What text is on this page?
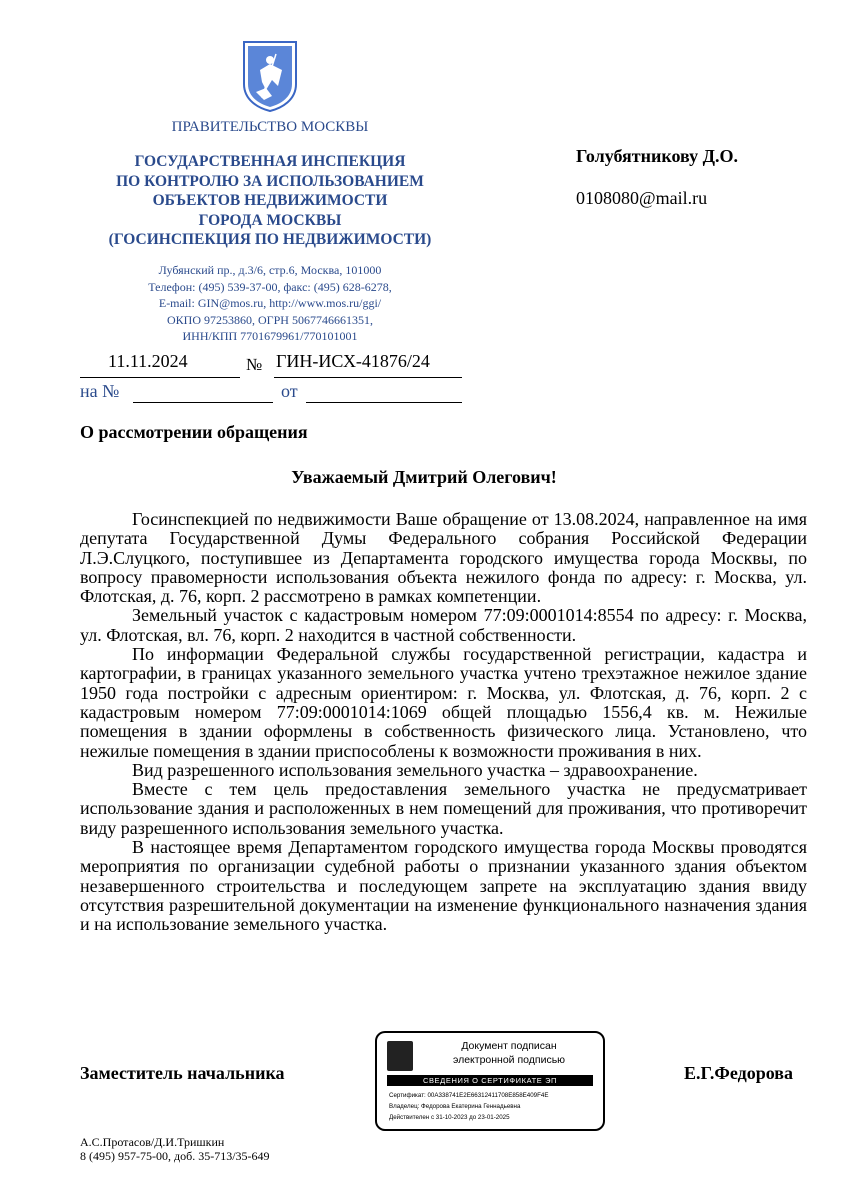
ПРАВИТЕЛЬСТВО МОСКВЫ
ГОСУДАРСТВЕННАЯ ИНСПЕКЦИЯ
ПО КОНТРОЛЮ ЗА ИСПОЛЬЗОВАНИЕМ
ОБЪЕКТОВ НЕДВИЖИМОСТИ
ГОРОДА МОСКВЫ
(ГОСИНСПЕКЦИЯ ПО НЕДВИЖИМОСТИ)
Лубянский пр., д.3/6, стр.6, Москва, 101000
Телефон: (495) 539-37-00, факс: (495) 628-6278,
E-mail: GIN@mos.ru, http://www.mos.ru/ggi/
ОКПО 97253860, ОГРН 5067746661351,
ИНН/КПП 7701679961/770101001
11.11.2024	№ ГИН-ИСХ-41876/24
на №	от
Голубятникову Д.О.
0108080@mail.ru
О рассмотрении обращения
Уважаемый Дмитрий Олегович!

Госинспекцией по недвижимости Ваше обращение от 13.08.2024, направленное на имя депутата Государственной Думы Федерального собрания Российской Федерации Л.Э.Слуцкого, поступившее из Департамента городского имущества города Москвы, по вопросу правомерности использования объекта нежилого фонда по адресу: г. Москва, ул. Флотская, д. 76, корп. 2 рассмотрено в рамках компетенции.

Земельный участок с кадастровым номером 77:09:0001014:8554 по адресу: г. Москва, ул. Флотская, вл. 76, корп. 2 находится в частной собственности.

По информации Федеральной службы государственной регистрации, кадастра и картографии, в границах указанного земельного участка учтено трехэтажное нежилое здание 1950 года постройки с адресным ориентиром: г. Москва, ул. Флотская, д. 76, корп. 2 с кадастровым номером 77:09:0001014:1069 общей площадью 1556,4 кв. м. Нежилые помещения в здании оформлены в собственность физического лица. Установлено, что нежилые помещения в здании приспособлены к возможности проживания в них.

Вид разрешенного использования земельного участка – здравоохранение.

Вместе с тем цель предоставления земельного участка не предусматривает использование здания и расположенных в нем помещений для проживания, что противоречит виду разрешенного использования земельного участка.

В настоящее время Департаментом городского имущества города Москвы проводятся мероприятия по организации судебной работы о признании указанного здания объектом незавершенного строительства и последующем запрете на эксплуатацию здания ввиду отсутствия разрешительной документации на изменение функционального назначения здания и на использование земельного участка.

Заместитель начальника	Е.Г.Федорова
Документ подписан
электронной подписью
СВЕДЕНИЯ О СЕРТИФИКАТЕ ЭП
Сертификат: 00A338741E2E66312411708E858E409F4E
Владелец: Федорова Екатерина Геннадьевна
Действителен с 31-10-2023 до 23-01-2025
А.С.Протасов/Д.И.Тришкин
8 (495) 957-75-00, доб. 35-713/35-649
